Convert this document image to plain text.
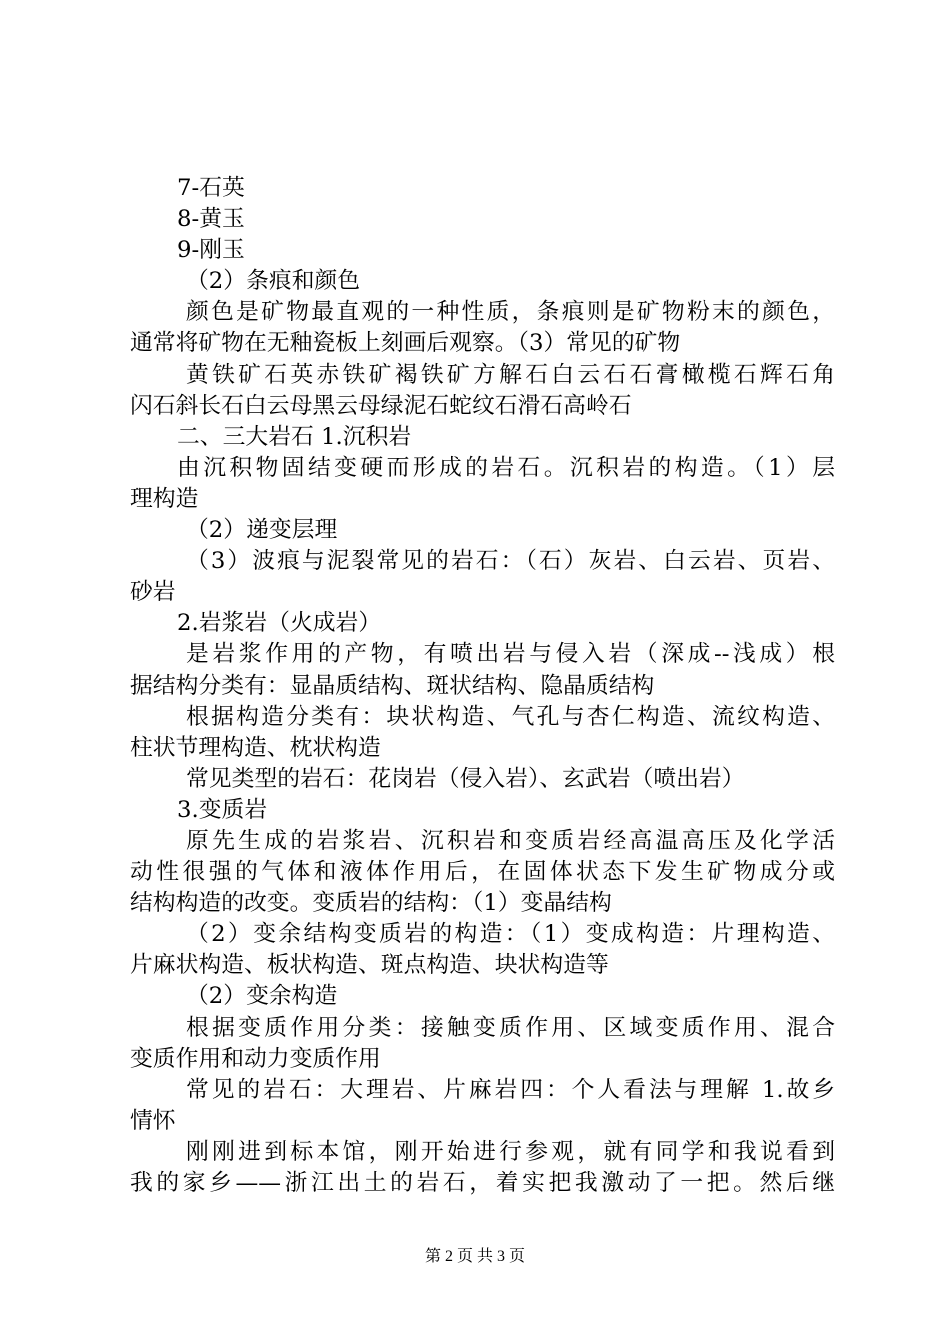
7-石英
8-黄玉
9-刚玉
（2）条痕和颜色
颜色是矿物最直观的一种性质，条痕则是矿物粉末的颜色，
通常将矿物在无釉瓷板上刻画后观察。（3）常见的矿物
黄铁矿石英赤铁矿褐铁矿方解石白云石石膏橄榄石辉石角
闪石斜长石白云母黑云母绿泥石蛇纹石滑石高岭石
二、三大岩石 1.沉积岩
由沉积物固结变硬而形成的岩石。沉积岩的构造。（1）层
理构造
（2）递变层理
（3）波痕与泥裂常见的岩石：（石）灰岩、白云岩、页岩、
砂岩
2.岩浆岩（火成岩）
是岩浆作用的产物，有喷出岩与侵入岩（深成--浅成）根
据结构分类有：显晶质结构、斑状结构、隐晶质结构
根据构造分类有：块状构造、气孔与杏仁构造、流纹构造、
柱状节理构造、枕状构造
常见类型的岩石：花岗岩（侵入岩）、玄武岩（喷出岩）
3.变质岩
原先生成的岩浆岩、沉积岩和变质岩经高温高压及化学活
动性很强的气体和液体作用后，在固体状态下发生矿物成分或
结构构造的改变。变质岩的结构：（1）变晶结构
（2）变余结构变质岩的构造：（1）变成构造：片理构造、
片麻状构造、板状构造、斑点构造、块状构造等
（2）变余构造
根据变质作用分类：接触变质作用、区域变质作用、混合
变质作用和动力变质作用
常见的岩石：大理岩、片麻岩四：个人看法与理解 1.故乡
情怀
刚刚进到标本馆，刚开始进行参观，就有同学和我说看到
我的家乡——浙江出土的岩石，着实把我激动了一把。然后继
第 2 页 共 3 页
